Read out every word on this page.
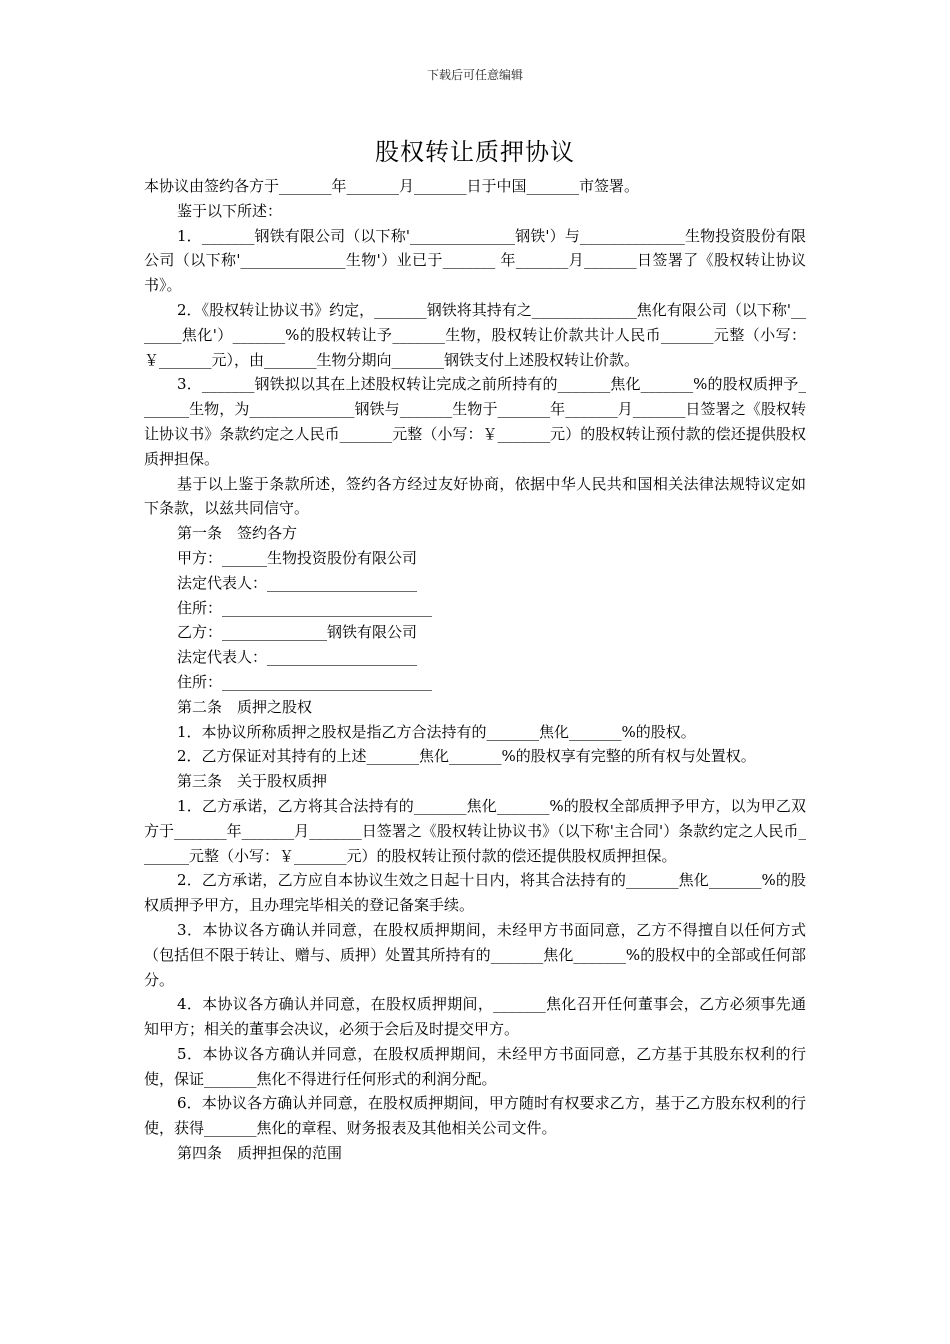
下载后可任意编辑
股权转让质押协议

本协议由签约各方于_______年_______月_______日于中国_______市签署。

鉴于以下所述：

1．_______钢铁有限公司（以下称'______________钢铁'）与______________生物投资股份有限公司（以下称'______________生物'）业已于_______ 年_______月_______日签署了《股权转让协议书》。

2．《股权转让协议书》约定，_______钢铁将其持有之______________焦化有限公司（以下称'_______焦化'）_______%的股权转让予_______生物，股权转让价款共计人民币_______元整（小写：￥_______元），由_______生物分期向_______钢铁支付上述股权转让价款。

3．_______钢铁拟以其在上述股权转让完成之前所持有的_______焦化_______%的股权质押予_______生物，为______________钢铁与_______生物于_______年_______月_______日签署之《股权转让协议书》条款约定之人民币_______元整（小写：￥_______元）的股权转让预付款的偿还提供股权质押担保。

基于以上鉴于条款所述，签约各方经过友好协商，依据中华人民共和国相关法律法规特议定如下条款，以兹共同信守。

第一条　签约各方

甲方：______生物投资股份有限公司

法定代表人：____________________

住所：____________________________

乙方：______________钢铁有限公司

法定代表人：____________________

住所：____________________________

第二条　质押之股权

1．本协议所称质押之股权是指乙方合法持有的_______焦化_______%的股权。

2．乙方保证对其持有的上述_______焦化_______%的股权享有完整的所有权与处置权。

第三条　关于股权质押

1．乙方承诺，乙方将其合法持有的_______焦化_______%的股权全部质押予甲方，以为甲乙双方于_______年_______月_______日签署之《股权转让协议书》（以下称'主合同'）条款约定之人民币_______元整（小写：￥_______元）的股权转让预付款的偿还提供股权质押担保。

2．乙方承诺，乙方应自本协议生效之日起十日内，将其合法持有的_______焦化_______%的股权质押予甲方，且办理完毕相关的登记备案手续。

3．本协议各方确认并同意，在股权质押期间，未经甲方书面同意，乙方不得擅自以任何方式（包括但不限于转让、赠与、质押）处置其所持有的_______焦化_______%的股权中的全部或任何部分。

4．本协议各方确认并同意，在股权质押期间，_______焦化召开任何董事会，乙方必须事先通知甲方；相关的董事会决议，必须于会后及时提交甲方。

5．本协议各方确认并同意，在股权质押期间，未经甲方书面同意，乙方基于其股东权利的行使，保证_______焦化不得进行任何形式的利润分配。

6．本协议各方确认并同意，在股权质押期间，甲方随时有权要求乙方，基于乙方股东权利的行使，获得_______焦化的章程、财务报表及其他相关公司文件。

第四条　质押担保的范围
